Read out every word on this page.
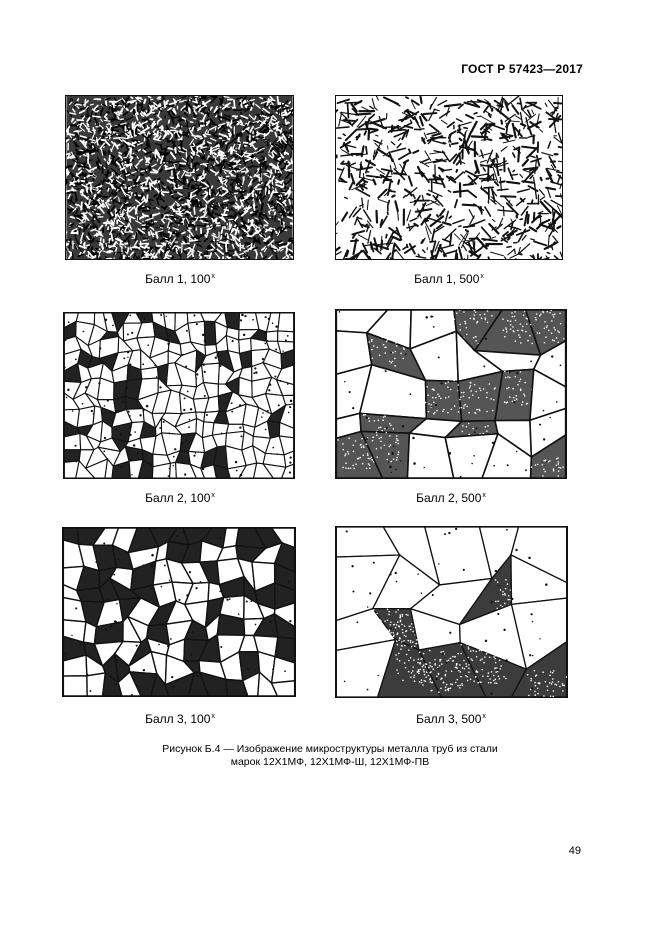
ГОСТ Р 57423—2017
Балл 1, 100$^x$	Балл 1, 500$^x$
Балл 2, 100$^x$	Балл 2, 500$^x$
Балл 3, 100$^x$	Балл 3, 500$^x$
Рисунок Б.4 — Изображение микроструктуры металла труб из стали
марок 12Х1МФ, 12Х1МФ-Ш, 12Х1МФ-ПВ
49
